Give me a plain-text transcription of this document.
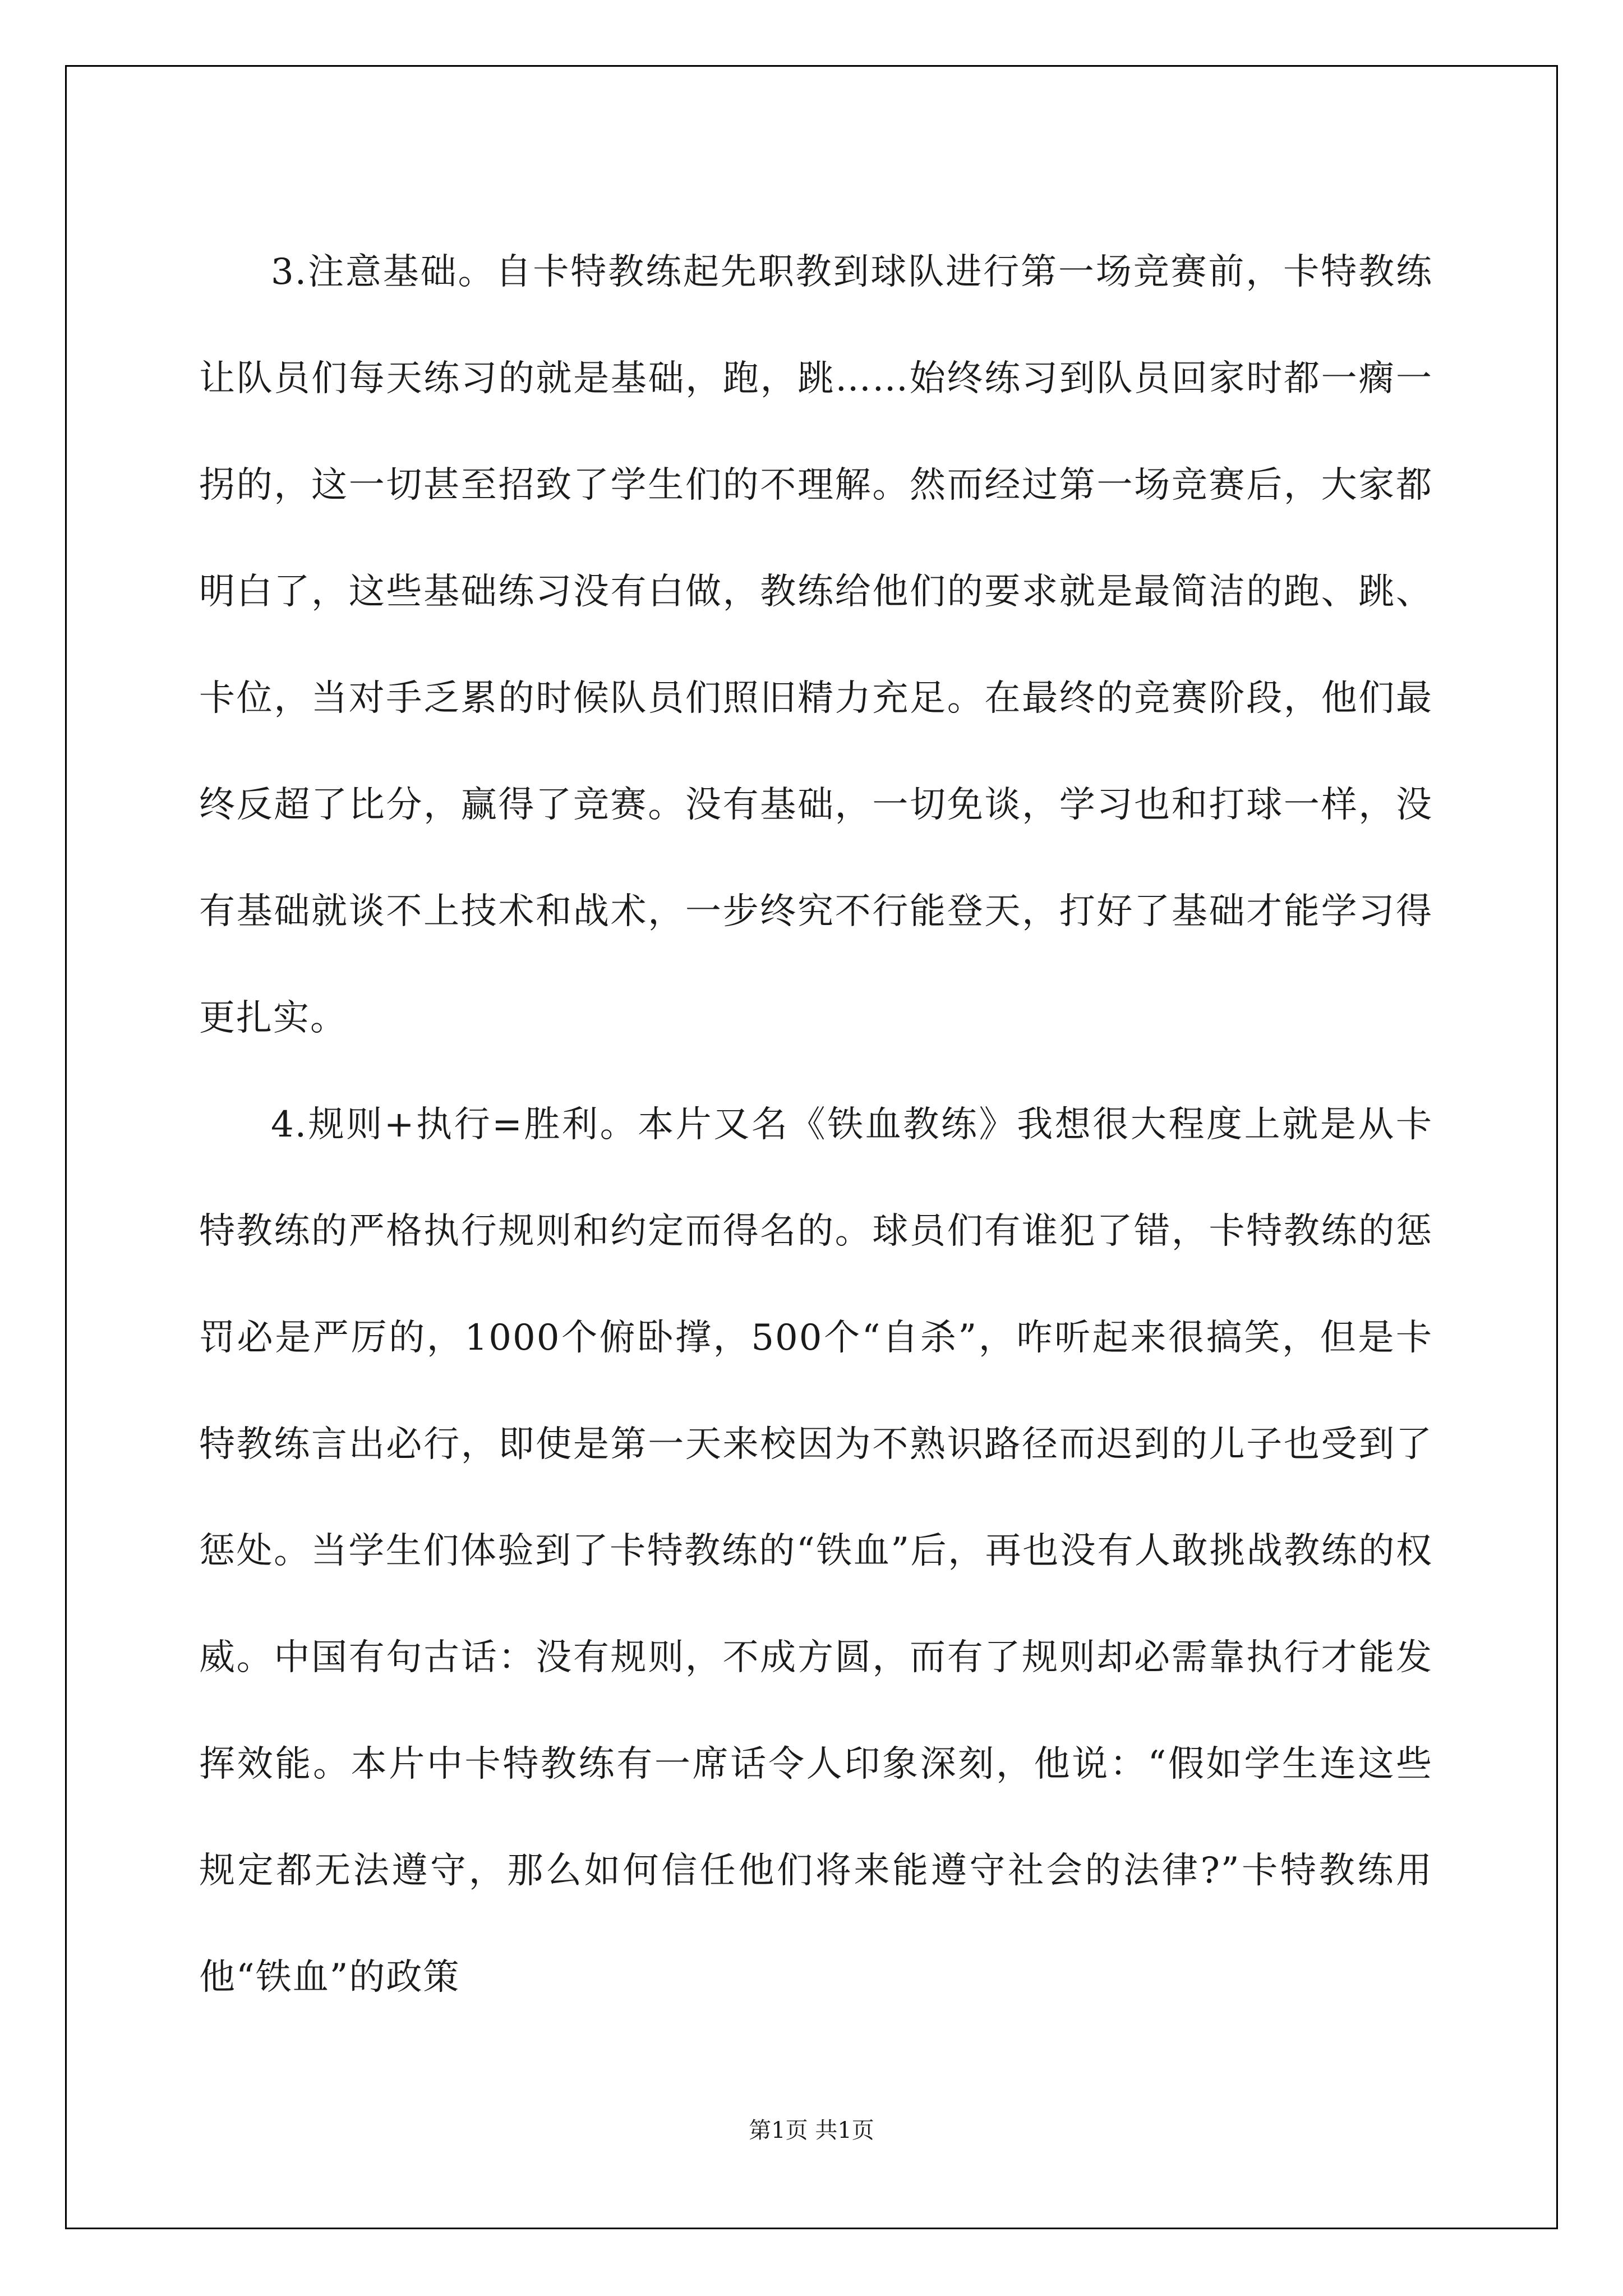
3.注意基础。自卡特教练起先职教到球队进行第一场竞赛前，卡特教练让队员们每天练习的就是基础，跑，跳……始终练习到队员回家时都一瘸一拐的，这一切甚至招致了学生们的不理解。然而经过第一场竞赛后，大家都明白了，这些基础练习没有白做，教练给他们的要求就是最简洁的跑、跳、卡位，当对手乏累的时候队员们照旧精力充足。在最终的竞赛阶段，他们最终反超了比分，赢得了竞赛。没有基础，一切免谈，学习也和打球一样，没有基础就谈不上技术和战术，一步终究不行能登天，打好了基础才能学习得更扎实。

4.规则+执行=胜利。本片又名《铁血教练》我想很大程度上就是从卡特教练的严格执行规则和约定而得名的。球员们有谁犯了错，卡特教练的惩罚必是严厉的，1000个俯卧撑，500个“自杀”，咋听起来很搞笑，但是卡特教练言出必行，即使是第一天来校因为不熟识路径而迟到的儿子也受到了惩处。当学生们体验到了卡特教练的“铁血”后，再也没有人敢挑战教练的权威。中国有句古话：没有规则，不成方圆，而有了规则却必需靠执行才能发挥效能。本片中卡特教练有一席话令人印象深刻，他说：“假如学生连这些规定都无法遵守，那么如何信任他们将来能遵守社会的法律?”卡特教练用他“铁血”的政策

第1页 共1页
